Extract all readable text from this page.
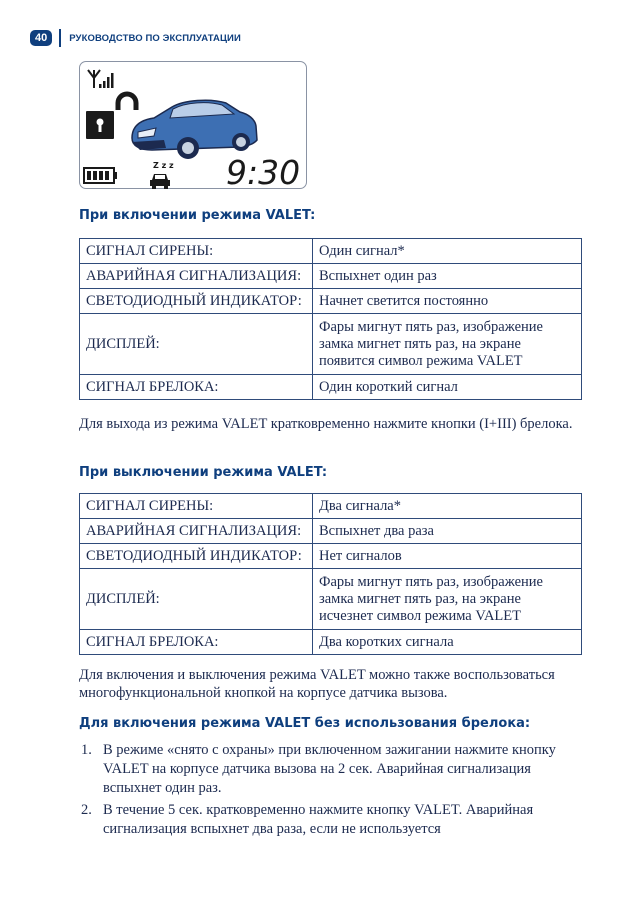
40	РУКОВОДСТВО ПО ЭКСПЛУАТАЦИИ
Z z z 9:30
При включении режима VALET:
СИГНАЛ СИРЕНЫ:	Один сигнал*
АВАРИЙНАЯ СИГНАЛИЗАЦИЯ:	Вспыхнет один раз
СВЕТОДИОДНЫЙ ИНДИКАТОР:	Начнет светится постоянно
ДИСПЛЕЙ:	Фары мигнут пять раз, изображение замка мигнет пять раз, на экране появится символ режима VALET
СИГНАЛ БРЕЛОКА:	Один короткий сигнал
Для выхода из режима VALET кратковременно нажмите кнопки (I+III) брелока.
При выключении режима VALET:
СИГНАЛ СИРЕНЫ:	Два сигнала*
АВАРИЙНАЯ СИГНАЛИЗАЦИЯ:	Вспыхнет два раза
СВЕТОДИОДНЫЙ ИНДИКАТОР:	Нет сигналов
ДИСПЛЕЙ:	Фары мигнут пять раз, изображение замка мигнет пять раз, на экране исчезнет символ режима VALET
СИГНАЛ БРЕЛОКА:	Два коротких сигнала
Для включения и выключения режима VALET можно также воспользоваться многофункциональной кнопкой на корпусе датчика вызова.
Для включения режима VALET без использования брелока:
1. В режиме «снято с охраны» при включенном зажигании нажмите кнопку VALET на корпусе датчика вызова на 2 сек. Аварийная сигнализация вспыхнет один раз.
2. В течение 5 сек. кратковременно нажмите кнопку VALET. Аварийная сигнализация вспыхнет два раза, если не используется
